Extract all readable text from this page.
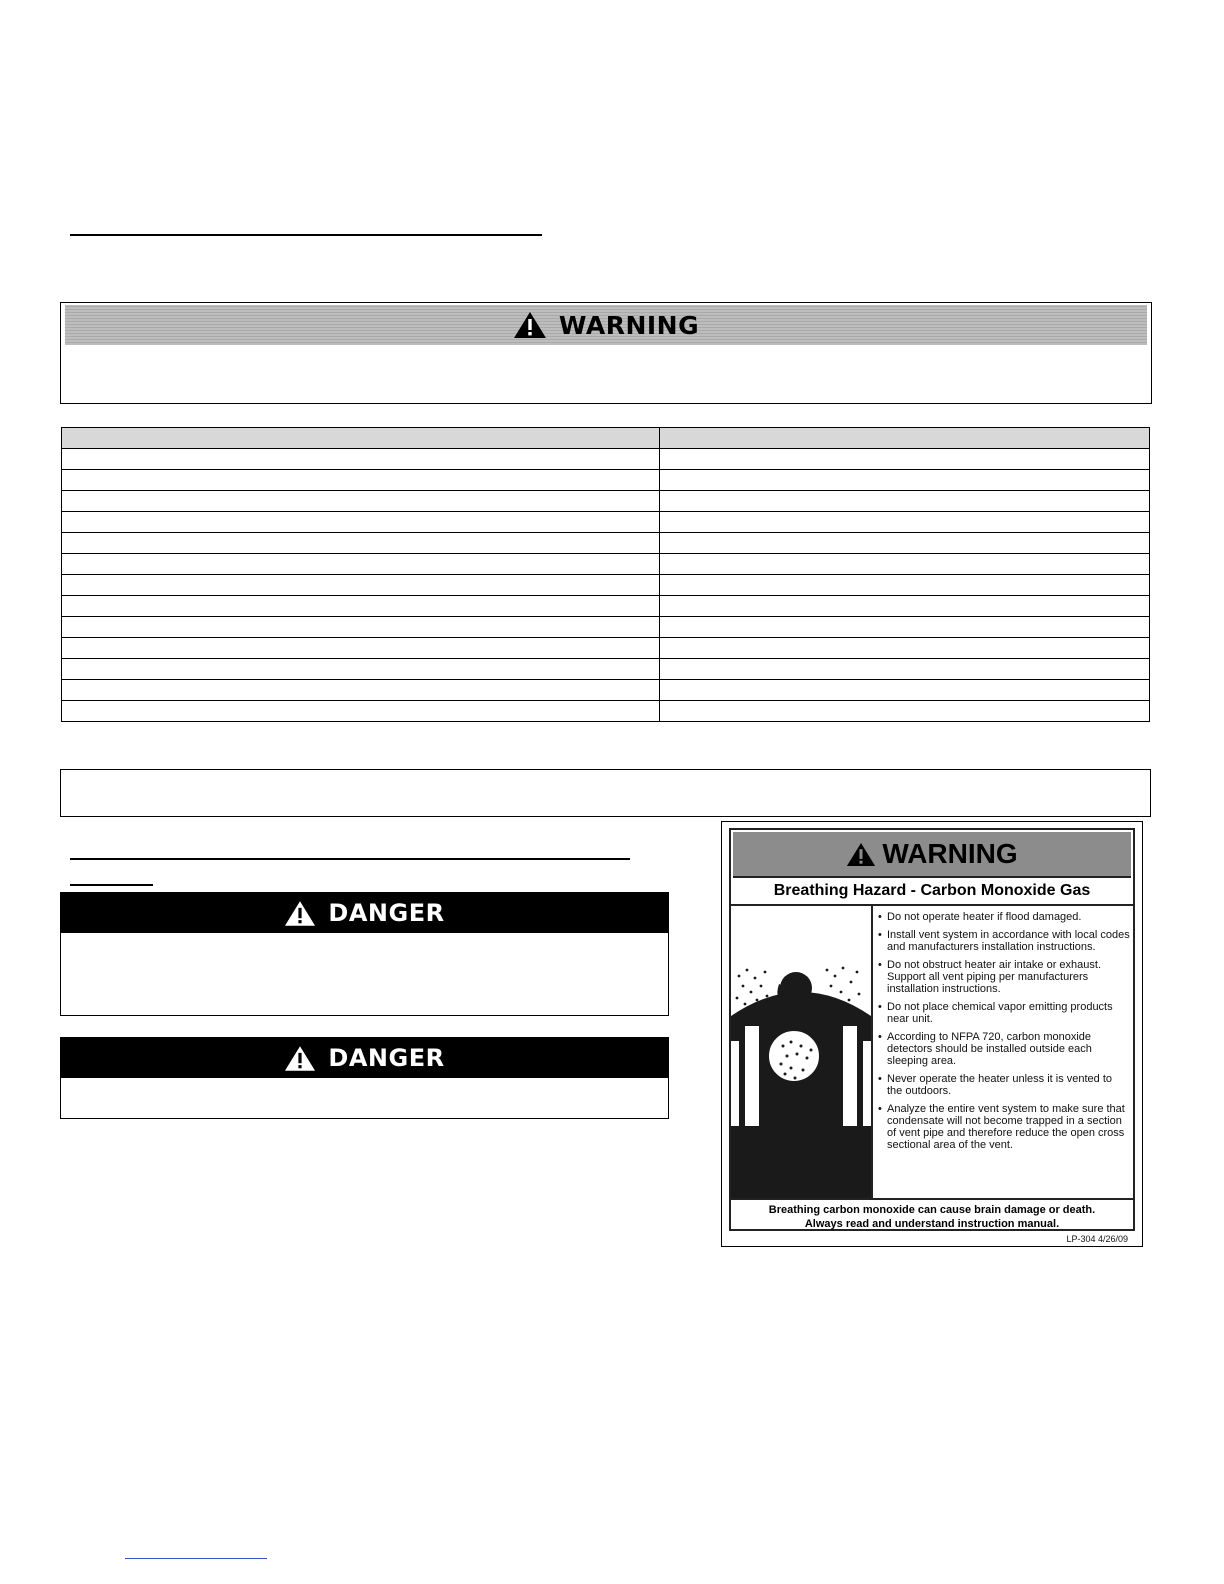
WARNING

DANGER
DANGER
WARNING
Breathing Hazard - Carbon Monoxide Gas
• Do not operate heater if flood damaged.
• Install vent system in accordance with local codes and manufacturers installation instructions.
• Do not obstruct heater air intake or exhaust. Support all vent piping per manufacturers installation instructions.
• Do not place chemical vapor emitting products near unit.
• According to NFPA 720, carbon monoxide detectors should be installed outside each sleeping area.
• Never operate the heater unless it is vented to the outdoors.
• Analyze the entire vent system to make sure that condensate will not become trapped in a section of vent pipe and therefore reduce the open cross sectional area of the vent.
Breathing carbon monoxide can cause brain damage or death.
Always read and understand instruction manual.
LP-304 4/26/09
